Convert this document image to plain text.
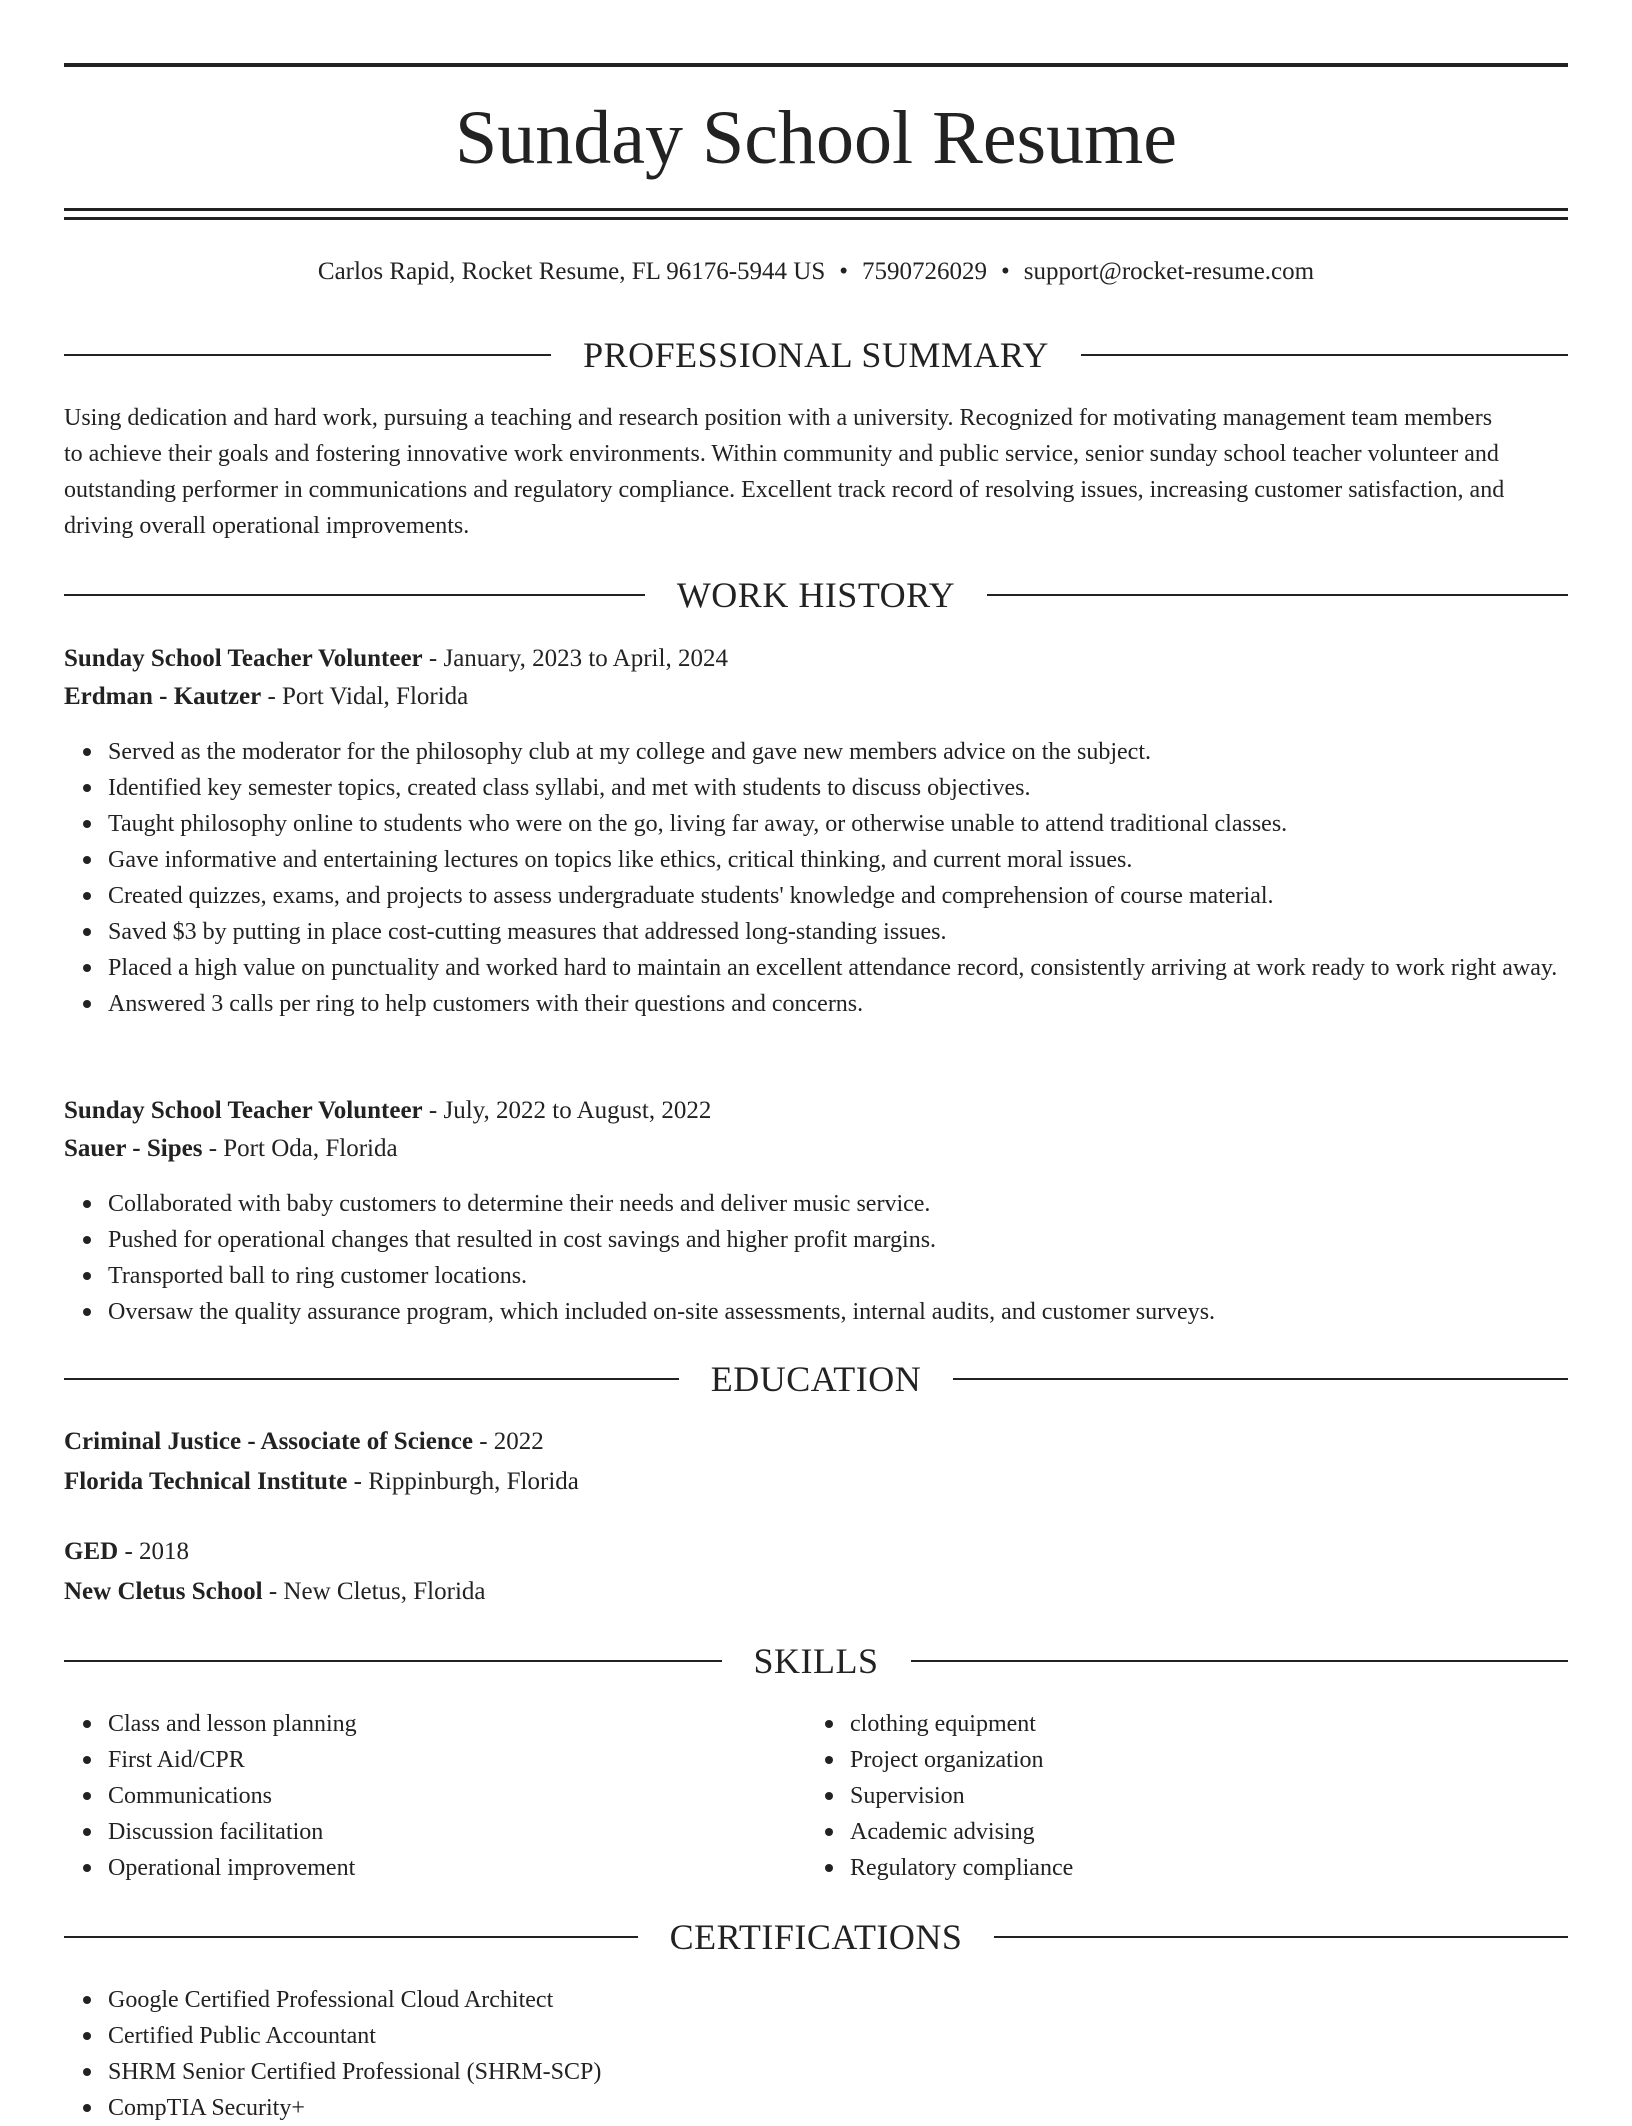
Sunday School Resume
Carlos Rapid, Rocket Resume, FL 96176-5944 US • 7590726029 • support@rocket-resume.com
PROFESSIONAL SUMMARY
Using dedication and hard work, pursuing a teaching and research position with a university. Recognized for motivating management team members
to achieve their goals and fostering innovative work environments. Within community and public service, senior sunday school teacher volunteer and
outstanding performer in communications and regulatory compliance. Excellent track record of resolving issues, increasing customer satisfaction, and
driving overall operational improvements.
WORK HISTORY
Sunday School Teacher Volunteer - January, 2023 to April, 2024
Erdman - Kautzer - Port Vidal, Florida
Served as the moderator for the philosophy club at my college and gave new members advice on the subject.
Identified key semester topics, created class syllabi, and met with students to discuss objectives.
Taught philosophy online to students who were on the go, living far away, or otherwise unable to attend traditional classes.
Gave informative and entertaining lectures on topics like ethics, critical thinking, and current moral issues.
Created quizzes, exams, and projects to assess undergraduate students' knowledge and comprehension of course material.
Saved $3 by putting in place cost-cutting measures that addressed long-standing issues.
Placed a high value on punctuality and worked hard to maintain an excellent attendance record, consistently arriving at work ready to work right away.
Answered 3 calls per ring to help customers with their questions and concerns.
Sunday School Teacher Volunteer - July, 2022 to August, 2022
Sauer - Sipes - Port Oda, Florida
Collaborated with baby customers to determine their needs and deliver music service.
Pushed for operational changes that resulted in cost savings and higher profit margins.
Transported ball to ring customer locations.
Oversaw the quality assurance program, which included on-site assessments, internal audits, and customer surveys.
EDUCATION
Criminal Justice - Associate of Science - 2022
Florida Technical Institute - Rippinburgh, Florida
GED - 2018
New Cletus School - New Cletus, Florida
SKILLS
Class and lesson planning
First Aid/CPR
Communications
Discussion facilitation
Operational improvement
clothing equipment
Project organization
Supervision
Academic advising
Regulatory compliance
CERTIFICATIONS
Google Certified Professional Cloud Architect
Certified Public Accountant
SHRM Senior Certified Professional (SHRM-SCP)
CompTIA Security+
